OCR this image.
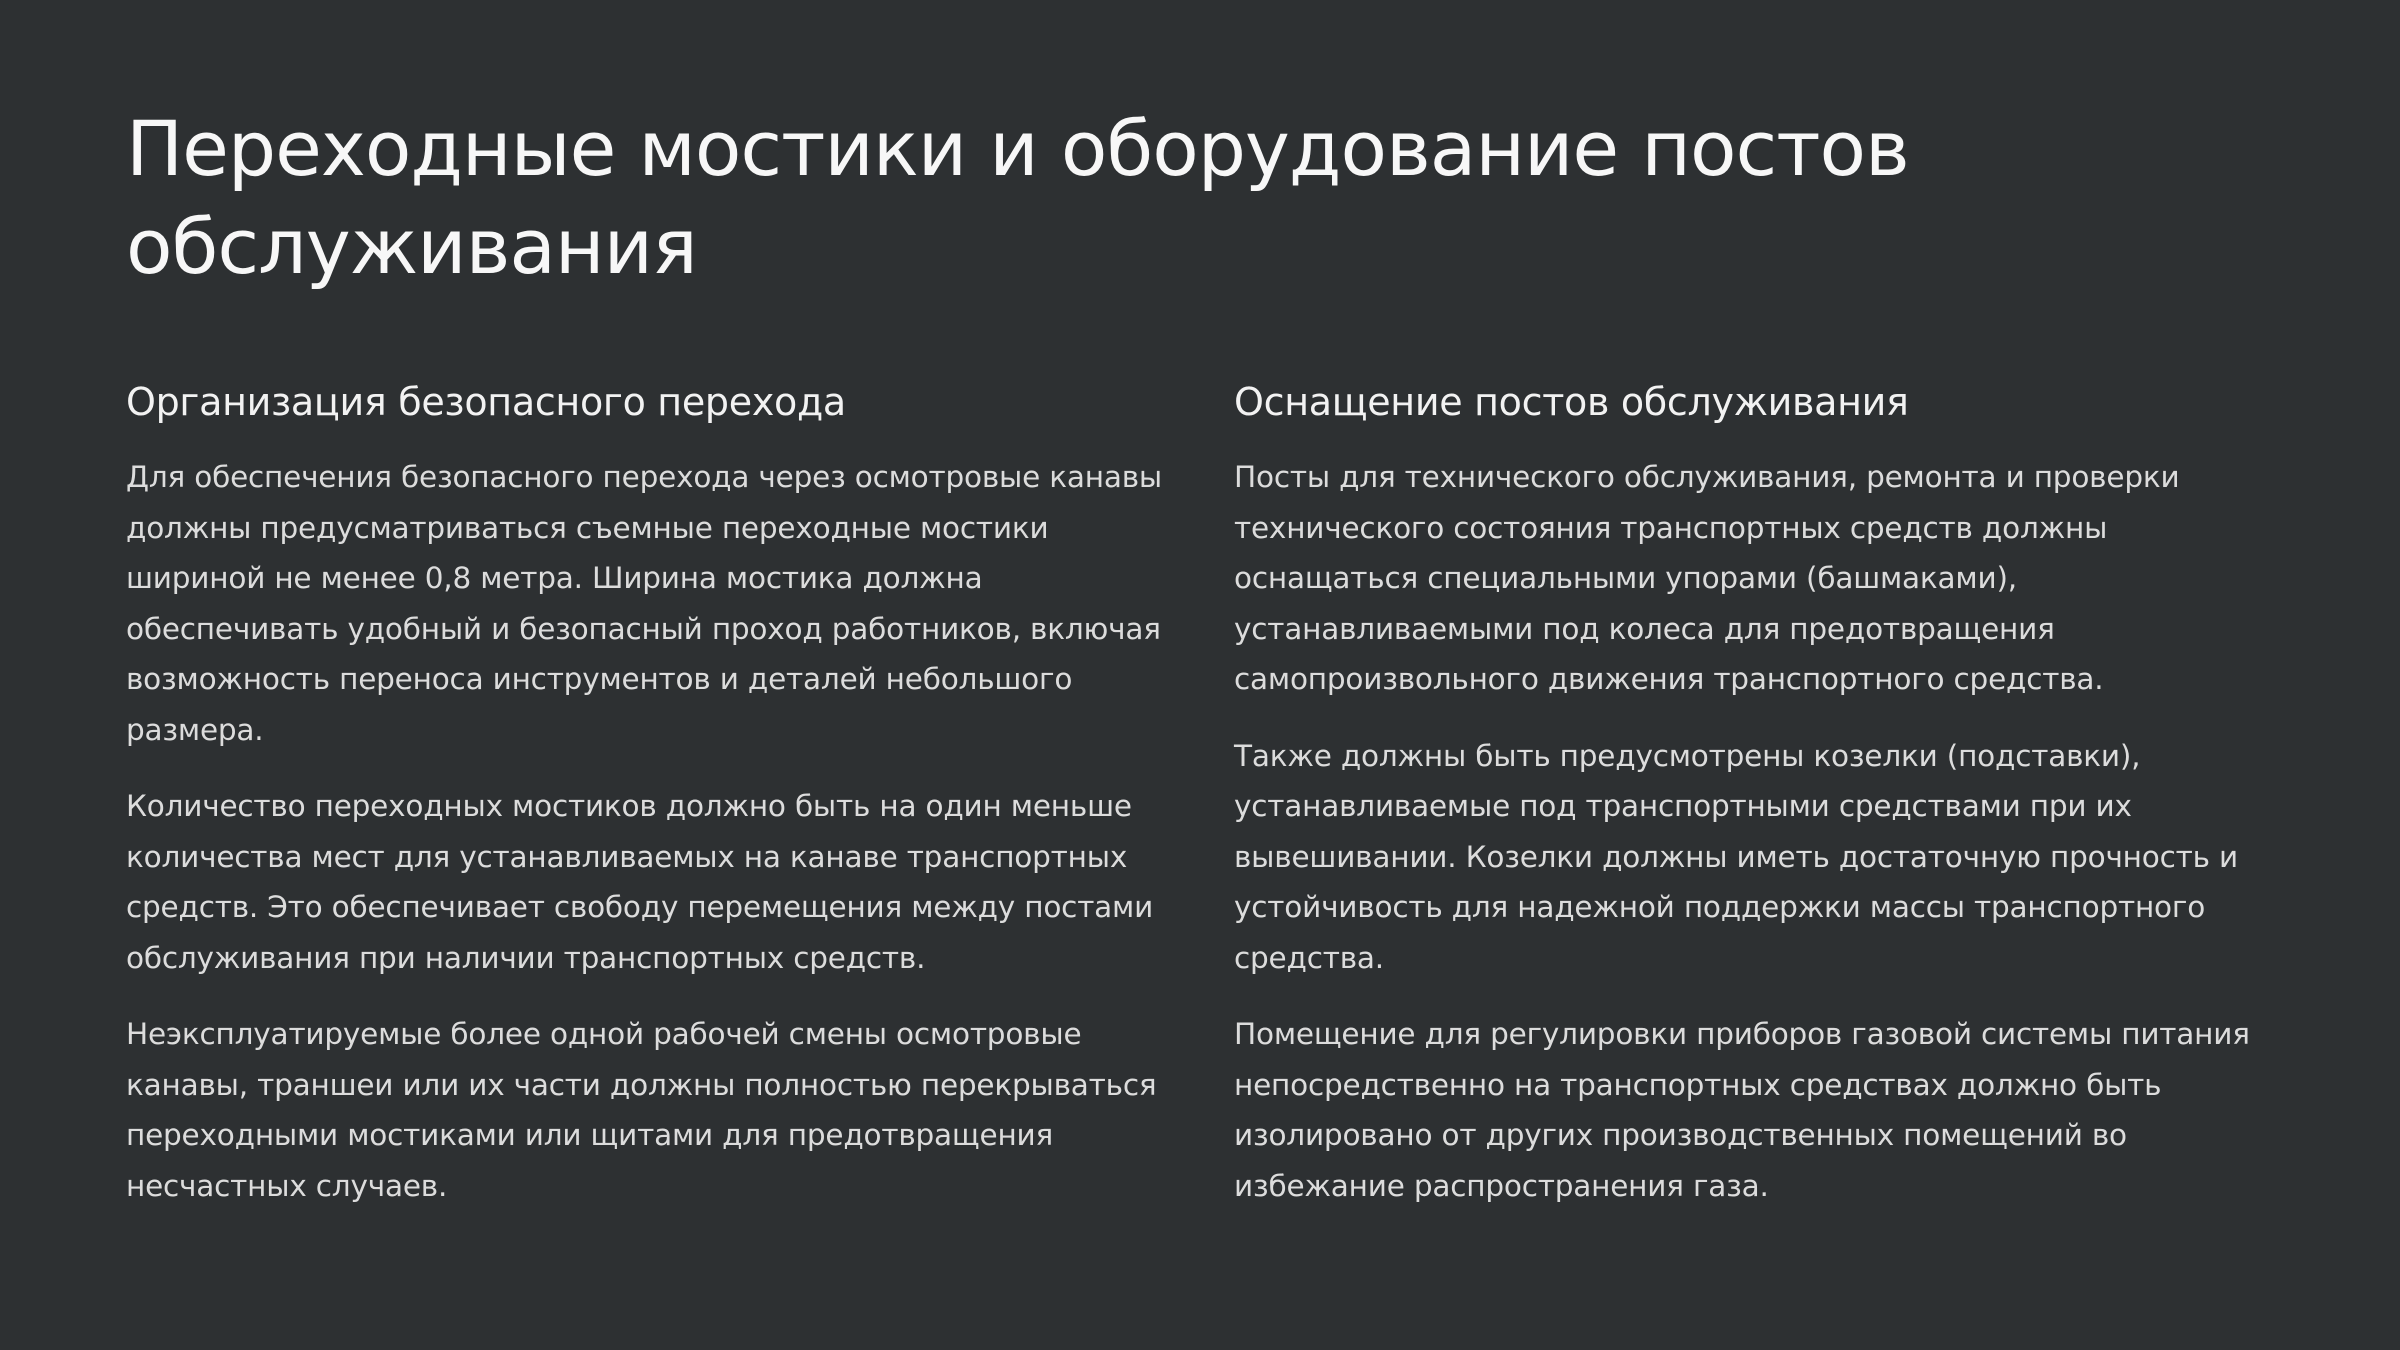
Переходные мостики и оборудование постов обслуживания
Организация безопасного перехода

Для обеспечения безопасного перехода через осмотровые канавы должны предусматриваться съемные переходные мостики шириной не менее 0,8 метра. Ширина мостика должна обеспечивать удобный и безопасный проход работников, включая возможность переноса инструментов и деталей небольшого размера.

Количество переходных мостиков должно быть на один меньше количества мест для устанавливаемых на канаве транспортных средств. Это обеспечивает свободу перемещения между постами обслуживания при наличии транспортных средств.

Неэксплуатируемые более одной рабочей смены осмотровые канавы, траншеи или их части должны полностью перекрываться переходными мостиками или щитами для предотвращения несчастных случаев.

Оснащение постов обслуживания

Посты для технического обслуживания, ремонта и проверки технического состояния транспортных средств должны оснащаться специальными упорами (башмаками), устанавливаемыми под колеса для предотвращения самопроизвольного движения транспортного средства.

Также должны быть предусмотрены козелки (подставки), устанавливаемые под транспортными средствами при их вывешивании. Козелки должны иметь достаточную прочность и устойчивость для надежной поддержки массы транспортного средства.

Помещение для регулировки приборов газовой системы питания непосредственно на транспортных средствах должно быть изолировано от других производственных помещений во избежание распространения газа.
